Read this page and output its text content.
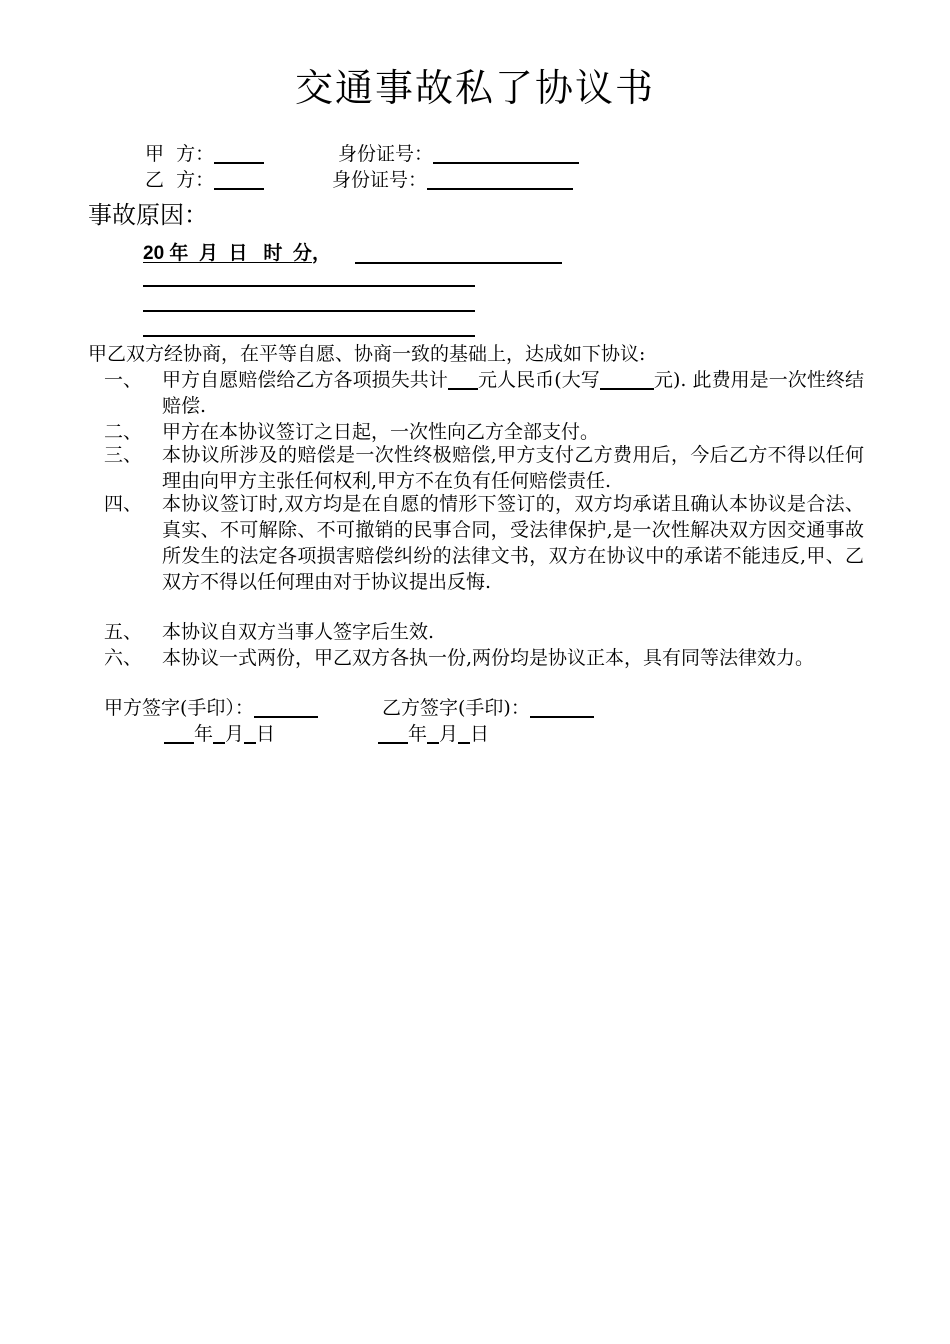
交通事故私了协议书
甲  方：	身份证号：
乙  方：	身份证号：
事故原因：
20 年  月  日   时  分，
甲乙双方经协商，在平等自愿、协商一致的基础上，达成如下协议:
一、	甲方自愿赔偿给乙方各项损失共计 元人民币(大写	元). 此费用是一次性终结赔偿.
二、	甲方在本协议签订之日起，一次性向乙方全部支付。
三、	本协议所涉及的赔偿是一次性终极赔偿,甲方支付乙方费用后，今后乙方不得以任何理由向甲方主张任何权利,甲方不在负有任何赔偿责任.
四、	本协议签订时,双方均是在自愿的情形下签订的，双方均承诺且确认本协议是合法、真实、不可解除、不可撤销的民事合同，受法律保护,是一次性解决双方因交通事故所发生的法定各项损害赔偿纠纷的法律文书，双方在协议中的承诺不能违反,甲、乙双方不得以任何理由对于协议提出反悔.
五、	本协议自双方当事人签字后生效.
六、	本协议一式两份，甲乙双方各执一份,两份均是协议正本，具有同等法律效力。
甲方签字(手印）：	乙方签字(手印)：
年 月 日	年 月 日
